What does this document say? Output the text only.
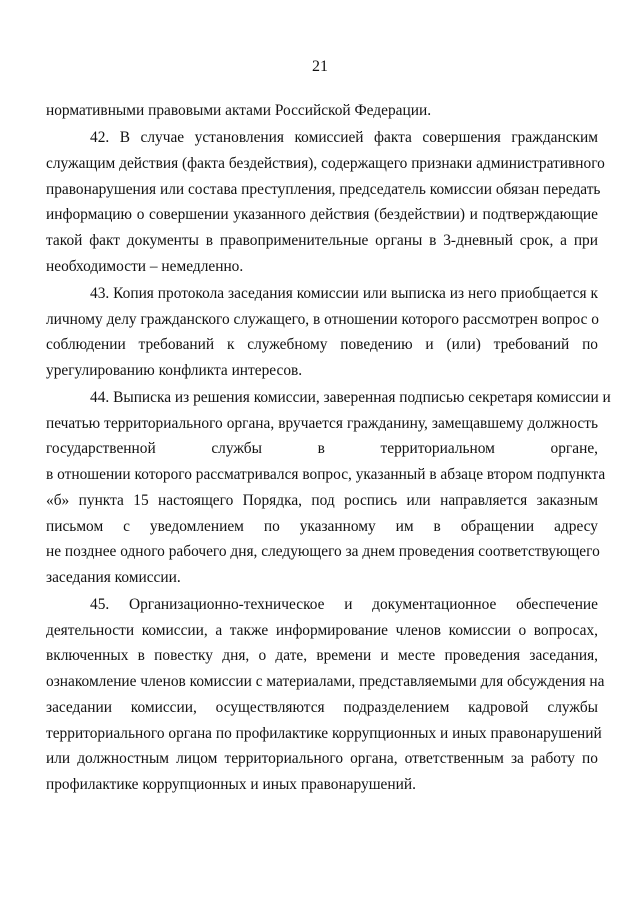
21
нормативными правовыми актами Российской Федерации.
42. В случае установления комиссией факта совершения гражданским
служащим действия (факта бездействия), содержащего признаки административного
правонарушения или состава преступления, председатель комиссии обязан передать
информацию о совершении указанного действия (бездействии) и подтверждающие
такой факт документы в правоприменительные органы в 3-дневный срок, а при
необходимости – немедленно.
43. Копия протокола заседания комиссии или выписка из него приобщается к
личному делу гражданского служащего, в отношении которого рассмотрен вопрос о
соблюдении требований к служебному поведению и (или) требований по
урегулированию конфликта интересов.
44. Выписка из решения комиссии, заверенная подписью секретаря комиссии и
печатью территориального органа, вручается гражданину, замещавшему должность
государственной службы в территориальном органе,
в отношении которого рассматривался вопрос, указанный в абзаце втором подпункта
«б» пункта 15 настоящего Порядка, под роспись или направляется заказным
письмом с уведомлением по указанному им в обращении адресу
не позднее одного рабочего дня, следующего за днем проведения соответствующего
заседания комиссии.
45. Организационно-техническое и документационное обеспечение
деятельности комиссии, а также информирование членов комиссии о вопросах,
включенных в повестку дня, о дате, времени и месте проведения заседания,
ознакомление членов комиссии с материалами, представляемыми для обсуждения на
заседании комиссии, осуществляются подразделением кадровой службы
территориального органа по профилактике коррупционных и иных правонарушений
или должностным лицом территориального органа, ответственным за работу по
профилактике коррупционных и иных правонарушений.
